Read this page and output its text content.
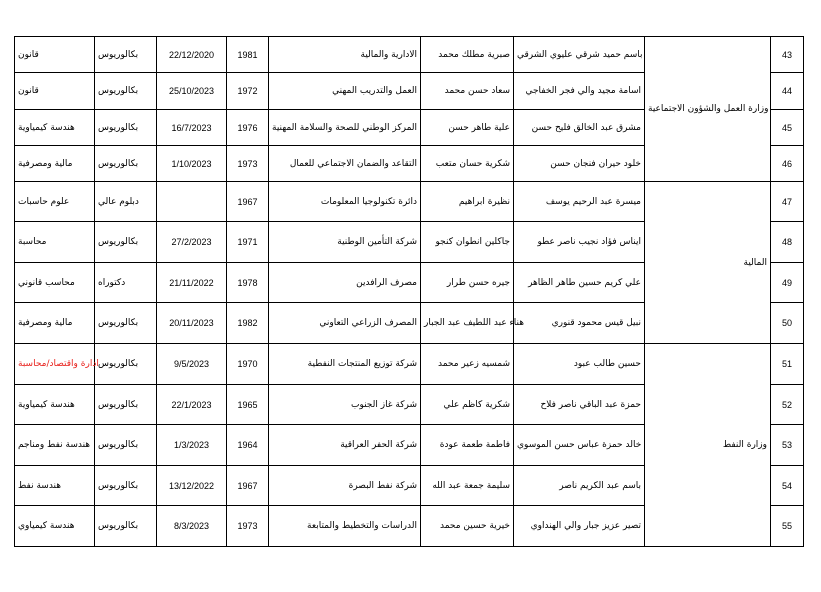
قانون	بكالوريوس	22/12/2020	1981	الادارية والمالية	صبرية مطلك محمد	باسم حميد شرقي عليوي الشرقي	وزارة العمل والشؤون الاجتماعية	43
قانون	بكالوريوس	25/10/2023	1972	العمل والتدريب المهني	سعاد حسن محمد	اسامة مجيد والي فجر الخفاجي		44
هندسة كيمياوية	بكالوريوس	16/7/2023	1976	المركز الوطني للصحة والسلامة المهنية	علية طاهر حسن	مشرق عبد الخالق فليح حسن		45
مالية ومصرفية	بكالوريوس	1/10/2023	1973	التقاعد والضمان الاجتماعي للعمال	شكرية حسان متعب	خلود حيران فنجان حسن		46
علوم حاسبات	دبلوم عالي		1967	دائرة تكنولوجيا المعلومات	نظيرة ابراهيم	ميسرة عبد الرحيم يوسف	المالية	47
محاسبة	بكالوريوس	27/2/2023	1971	شركة التأمين الوطنية	جاكلين انطوان كنجو	ايناس فؤاد نجيب ناصر عطو		48
محاسب قانوني	دكتوراه	21/11/2022	1978	مصرف الرافدين	جيره حسن طرار	علي كريم حسين طاهر الظاهر		49
مالية ومصرفية	بكالوريوس	20/11/2023	1982	المصرف الزراعي التعاوني	هناء عبد اللطيف عبد الجبار	نبيل قيس محمود قنوري		50
ادارة واقتصاد/محاسبة	بكالوريوس	9/5/2023	1970	شركة توزيع المنتجات النفطية	شمسيه زعير محمد	حسين طالب عبود	وزارة النفط	51
هندسة كيمياوية	بكالوريوس	22/1/2023	1965	شركة غاز الجنوب	شكرية كاظم علي	حمزة عبد الباقي ناصر فلاح		52
هندسة نفط ومناجم	بكالوريوس	1/3/2023	1964	شركة الحفر العراقية	فاطمة طعمة عودة	خالد حمزة عباس حسن الموسوي		53
هندسة نفط	بكالوريوس	13/12/2022	1967	شركة نفط البصرة	سليمة جمعة عبد الله	باسم عبد الكريم ناصر		54
هندسة كيمياوي	بكالوريوس	8/3/2023	1973	الدراسات والتخطيط والمتابعة	خيرية حسين محمد	تصير عزيز جبار والي الهنداوي		55
